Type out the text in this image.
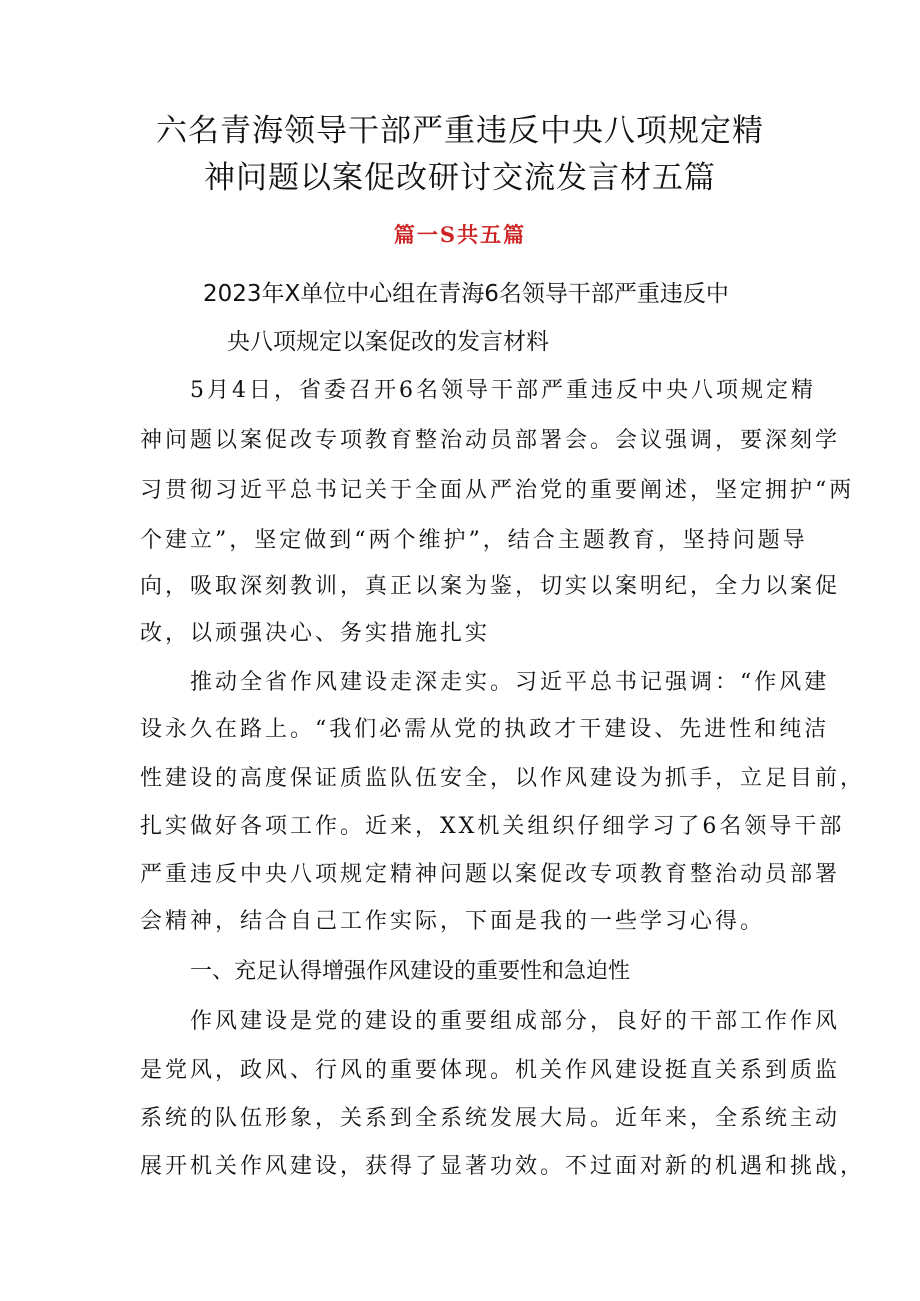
六名青海领导干部严重违反中央八项规定精
神问题以案促改研讨交流发言材五篇
篇一S共五篇
2023年X单位中心组在青海6名领导干部严重违反中
央八项规定以案促改的发言材料
5月4日，省委召开6名领导干部严重违反中央八项规定精
神问题以案促改专项教育整治动员部署会。会议强调，要深刻学
习贯彻习近平总书记关于全面从严治党的重要阐述，坚定拥护“两
个建立”，坚定做到“两个维护”，结合主题教育，坚持问题导
向，吸取深刻教训，真正以案为鉴，切实以案明纪，全力以案促
改，以顽强决心、务实措施扎实
推动全省作风建设走深走实。习近平总书记强调：“作风建
设永久在路上。“我们必需从党的执政才干建设、先进性和纯洁
性建设的高度保证质监队伍安全，以作风建设为抓手，立足目前，
扎实做好各项工作。近来，XX机关组织仔细学习了6名领导干部
严重违反中央八项规定精神问题以案促改专项教育整治动员部署
会精神，结合自己工作实际，下面是我的一些学习心得。
一、充足认得增强作风建设的重要性和急迫性
作风建设是党的建设的重要组成部分，良好的干部工作作风
是党风，政风、行风的重要体现。机关作风建设挺直关系到质监
系统的队伍形象，关系到全系统发展大局。近年来，全系统主动
展开机关作风建设，获得了显著功效。不过面对新的机遇和挑战，
